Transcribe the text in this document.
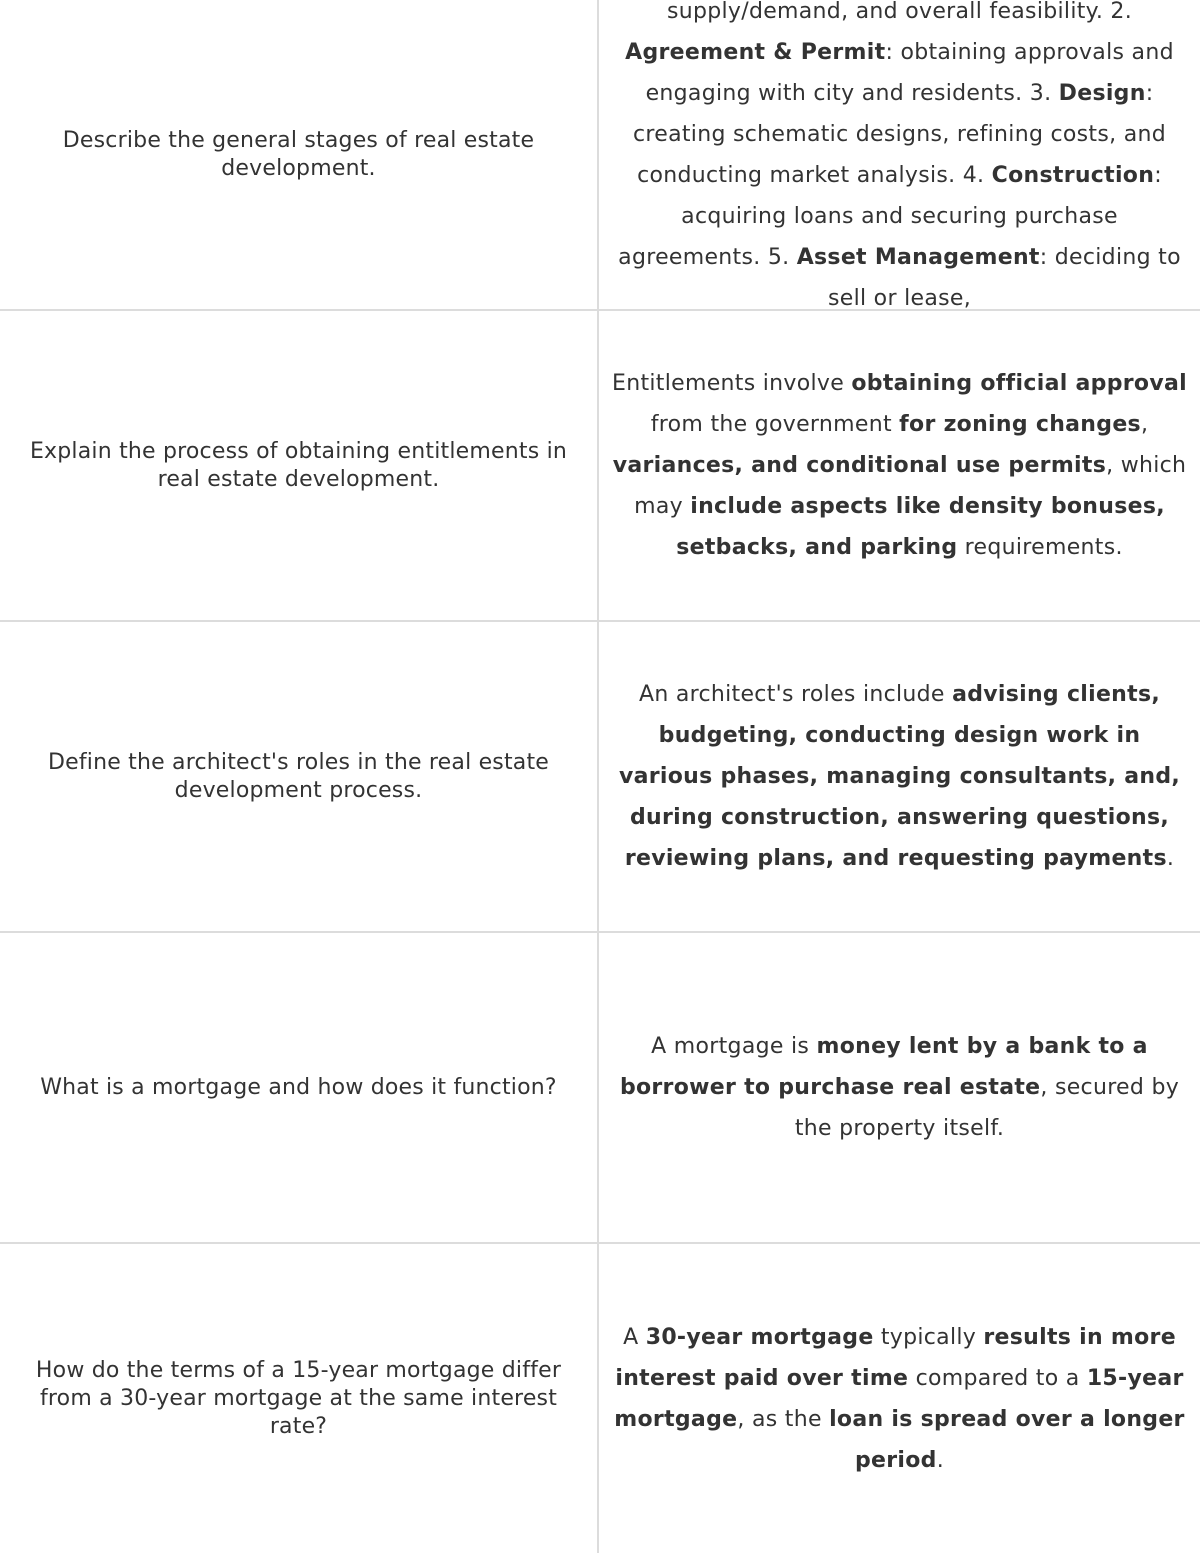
Describe the general stages of real estate development.
supply/demand, and overall feasibility. 2. Agreement & Permit: obtaining approvals and engaging with city and residents. 3. Design: creating schematic designs, refining costs, and conducting market analysis. 4. Construction: acquiring loans and securing purchase agreements. 5. Asset Management: deciding to sell or lease,
Explain the process of obtaining entitlements in real estate development.
Entitlements involve obtaining official approval from the government for zoning changes, variances, and conditional use permits, which may include aspects like density bonuses, setbacks, and parking requirements.
Define the architect's roles in the real estate development process.
An architect's roles include advising clients, budgeting, conducting design work in various phases, managing consultants, and, during construction, answering questions, reviewing plans, and requesting payments.
What is a mortgage and how does it function?
A mortgage is money lent by a bank to a borrower to purchase real estate, secured by the property itself.
How do the terms of a 15-year mortgage differ from a 30-year mortgage at the same interest rate?
A 30-year mortgage typically results in more interest paid over time compared to a 15-year mortgage, as the loan is spread over a longer period.
